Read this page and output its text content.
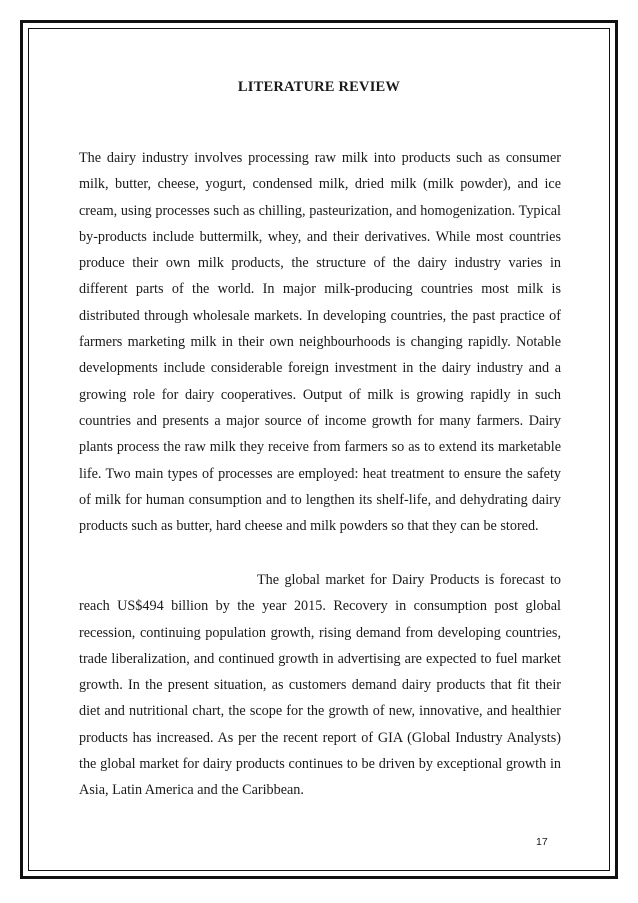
LITERATURE REVIEW

The dairy industry involves processing raw milk into products such as consumer milk, butter, cheese, yogurt, condensed milk, dried milk (milk powder), and ice cream, using processes such as chilling, pasteurization, and homogenization. Typical by-products include buttermilk, whey, and their derivatives. While most countries produce their own milk products, the structure of the dairy industry varies in different parts of the world. In major milk-producing countries most milk is distributed through wholesale markets. In developing countries, the past practice of farmers marketing milk in their own neighbourhoods is changing rapidly. Notable developments include considerable foreign investment in the dairy industry and a growing role for dairy cooperatives. Output of milk is growing rapidly in such countries and presents a major source of income growth for many farmers. Dairy plants process the raw milk they receive from farmers so as to extend its marketable life. Two main types of processes are employed: heat treatment to ensure the safety of milk for human consumption and to lengthen its shelf-life, and dehydrating dairy products such as butter, hard cheese and milk powders so that they can be stored.

The global market for Dairy Products is forecast to reach US$494 billion by the year 2015. Recovery in consumption post global recession, continuing population growth, rising demand from developing countries, trade liberalization, and continued growth in advertising are expected to fuel market growth. In the present situation, as customers demand dairy products that fit their diet and nutritional chart, the scope for the growth of new, innovative, and healthier products has increased. As per the recent report of GIA (Global Industry Analysts) the global market for dairy products continues to be driven by exceptional growth in Asia, Latin America and the Caribbean.

17
